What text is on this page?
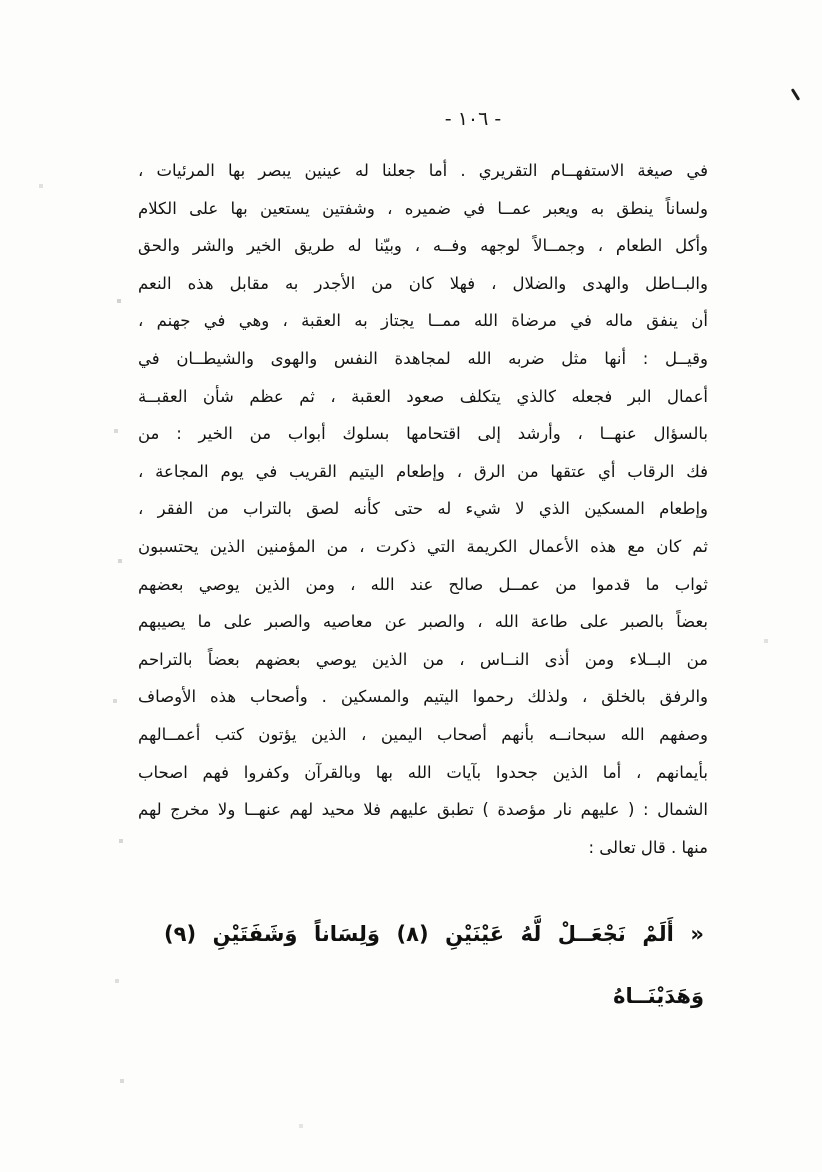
- ١٠٦ -
في صيغة الاستفهــام التقريري . أما جعلنا له عينين يبصر بها المرئيات ،
ولساناً ينطق به ويعبر عمــا في ضميره ، وشفتين يستعين بها على الكلام
وأكل الطعام ، وجمــالاً لوجهه وفــه ، وبيّنا له طريق الخير والشر والحق
والبــاطل والهدى والضلال ، فهلا كان من الأجدر به مقابل هذه النعم
أن ينفق ماله في مرضاة الله ممــا يجتاز به العقبة ، وهي في جهنم ،
وقيــل : أنها مثل ضربه الله لمجاهدة النفس والهوى والشيطــان في
أعمال البر فجعله كالذي يتكلف صعود العقبة ، ثم عظم شأن العقبــة
بالسؤال عنهــا ، وأرشد إلى اقتحامها بسلوك أبواب من الخير : من
فك الرقاب أي عتقها من الرق ، وإطعام اليتيم القريب في يوم المجاعة ،
وإطعام المسكين الذي لا شيء له حتى كأنه لصق بالتراب من الفقر ،
ثم كان مع هذه الأعمال الكريمة التي ذكرت ، من المؤمنين الذين يحتسبون
ثواب ما قدموا من عمــل صالح عند الله ، ومن الذين يوصي بعضهم
بعضاً بالصبر على طاعة الله ، والصبر عن معاصيه والصبر على ما يصيبهم
من البــلاء ومن أذى النــاس ، من الذين يوصي بعضهم بعضاً بالتراحم
والرفق بالخلق ، ولذلك رحموا اليتيم والمسكين . وأصحاب هذه الأوصاف
وصفهم الله سبحانــه بأنهم أصحاب اليمين ، الذين يؤتون كتب أعمــالهم
بأيمانهم ، أما الذين جحدوا بآيات الله بها وبالقرآن وكفروا فهم اصحاب
الشمال : ( عليهم نار مؤصدة ) تطبق عليهم فلا محيد لهم عنهــا ولا مخرج لهم
منها . قال تعالى :
« أَلَمْ نَجْعَــلْ لَّهُ عَيْنَيْنِ (٨) وَلِسَاناً وَشَفَتَيْنِ (٩) وَهَدَيْنَــاهُ
